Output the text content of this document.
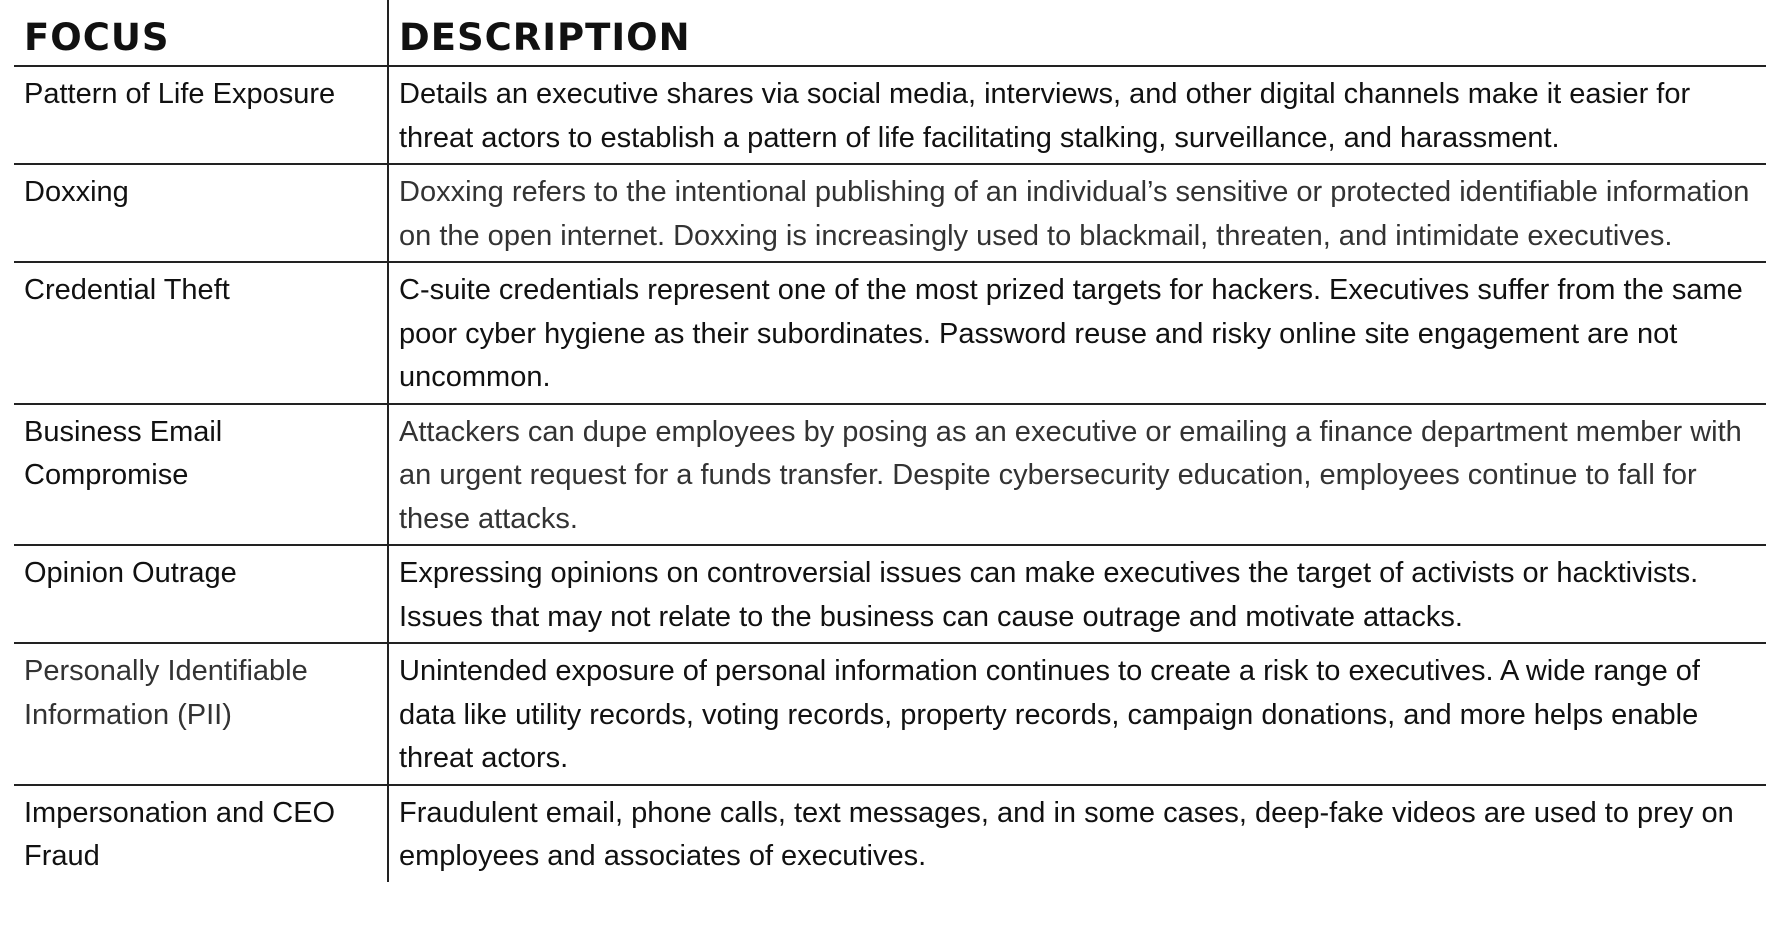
FOCUS	DESCRIPTION
Pattern of Life Exposure	Details an executive shares via social media, interviews, and other digital channels make it easier for threat actors to establish a pattern of life facilitating stalking, surveillance, and harassment.
Doxxing	Doxxing refers to the intentional publishing of an individual’s sensitive or protected identifiable information on the open internet. Doxxing is increasingly used to blackmail, threaten, and intimidate executives.
Credential Theft	C-suite credentials represent one of the most prized targets for hackers. Executives suffer from the same poor cyber hygiene as their subordinates. Password reuse and risky online site engagement are not uncommon.
Business Email Compromise	Attackers can dupe employees by posing as an executive or emailing a finance department member with an urgent request for a funds transfer. Despite cybersecurity education, employees continue to fall for these attacks.
Opinion Outrage	Expressing opinions on controversial issues can make executives the target of activists or hacktivists. Issues that may not relate to the business can cause outrage and motivate attacks.
Personally Identifiable Information (PII)	Unintended exposure of personal information continues to create a risk to executives. A wide range of data like utility records, voting records, property records, campaign donations, and more helps enable threat actors.
Impersonation and CEO Fraud	Fraudulent email, phone calls, text messages, and in some cases, deep-fake videos are used to prey on employees and associates of executives.
